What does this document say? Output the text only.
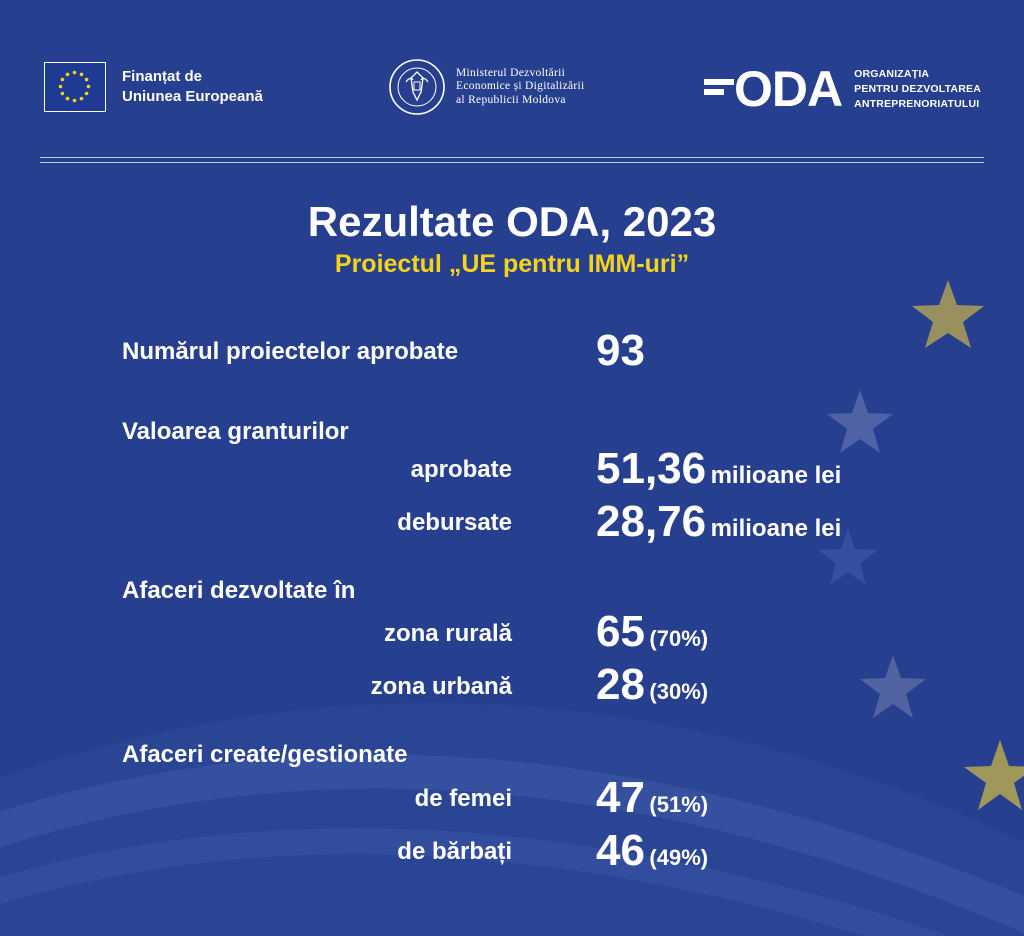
Finanțat de
Uniunea Europeană
Ministerul Dezvoltării
Economice și Digitalizării
al Republicii Moldova	ODA ORGANIZAȚIA
PENTRU DEZVOLTAREA
ANTREPRENORIATULUI
Rezultate ODA, 2023
Proiectul „UE pentru IMM-uri”
Numărul proiectelor aprobate	93
Valoarea granturilor
aprobate 51,36 milioane lei
debursate 28,76 milioane lei
Afaceri dezvoltate în
zona rurală 65 (70%)
zona urbană 28 (30%)
Afaceri create/gestionate
de femei 47 (51%)
de bărbați 46 (49%)
